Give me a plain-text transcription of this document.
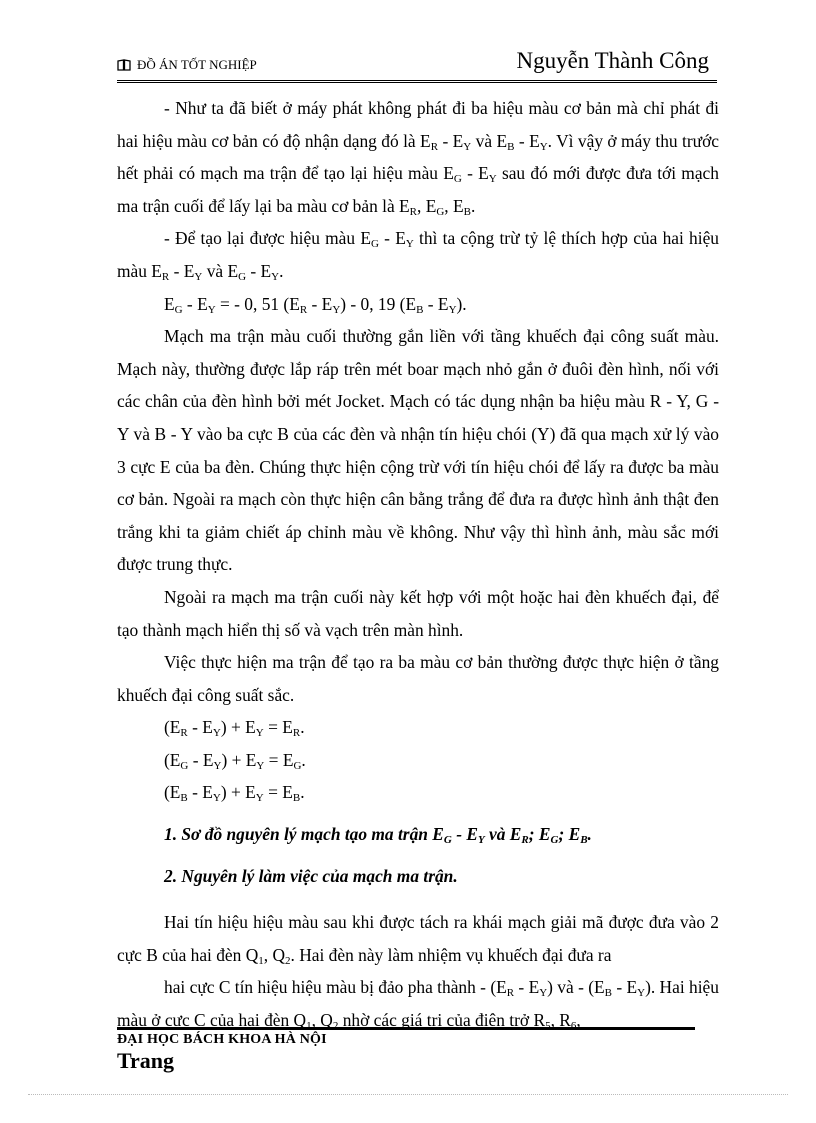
ĐỒ ÁN TỐT NGHIỆP	Nguyễn Thành Công

- Như ta đã biết ở máy phát không phát đi ba hiệu màu cơ bản mà chỉ phát đi hai hiệu màu cơ bản có độ nhận dạng đó là $E_R - E_Y$ và $E_B - E_Y$. Vì vậy ở máy thu trước hết phải có mạch ma trận để tạo lại hiệu màu $E_G - E_Y$ sau đó mới được đưa tới mạch ma trận cuối để lấy lại ba màu cơ bản là $E_R$, $E_G$, $E_B$.

- Để tạo lại được hiệu màu $E_G - E_Y$ thì ta cộng trừ tỷ lệ thích hợp của hai hiệu màu $E_R - E_Y$ và $E_G - E_Y$.

$E_G - E_Y$ = - 0, 51 $(E_R - E_Y) - 0$, 19 $(E_B - E_Y)$.

Mạch ma trận màu cuối thường gắn liền với tầng khuếch đại công suất màu. Mạch này, thường được lắp ráp trên mét boar mạch nhỏ gắn ở đuôi đèn hình, nối với các chân của đèn hình bởi mét Jocket. Mạch có tác dụng nhận ba hiệu màu R - Y, G - Y và B - Y vào ba cực B của các đèn và nhận tín hiệu chói (Y) đã qua mạch xử lý vào 3 cực E của ba đèn. Chúng thực hiện cộng trừ với tín hiệu chói để lấy ra được ba màu cơ bản. Ngoài ra mạch còn thực hiện cân bằng trắng để đưa ra được hình ảnh thật đen trắng khi ta giảm chiết áp chỉnh màu về không. Như vậy thì hình ảnh, màu sắc mới được trung thực.

Ngoài ra mạch ma trận cuối này kết hợp với một hoặc hai đèn khuếch đại, để tạo thành mạch hiển thị số và vạch trên màn hình.

Việc thực hiện ma trận để tạo ra ba màu cơ bản thường được thực hiện ở tầng khuếch đại công suất sắc.

$(E_R - E_Y) + E_Y = E_R$.

$(E_G - E_Y) + E_Y = E_G$.

$(E_B - E_Y) + E_Y = E_B$.

1. Sơ đồ nguyên lý mạch tạo ma trận $E_G - E_Y$ và $E_R$; $E_G$; $E_B$.

2. Nguyên lý làm việc của mạch ma trận.

Hai tín hiệu hiệu màu sau khi được tách ra khái mạch giải mã được đưa vào 2 cực B của hai đèn $Q_1$, $Q_2$. Hai đèn này làm nhiệm vụ khuếch đại đưa ra

hai cực C tín hiệu hiệu màu bị đảo pha thành - $(E_R - E_Y)$ và - $(E_B - E_Y)$. Hai hiệu màu ở cực C của hai đèn $Q_1$, $Q_2$ nhờ các giá trị của điện trở $R_5$, $R_6$,

ĐẠI HỌC BÁCH KHOA HÀ NỘI
Trang
